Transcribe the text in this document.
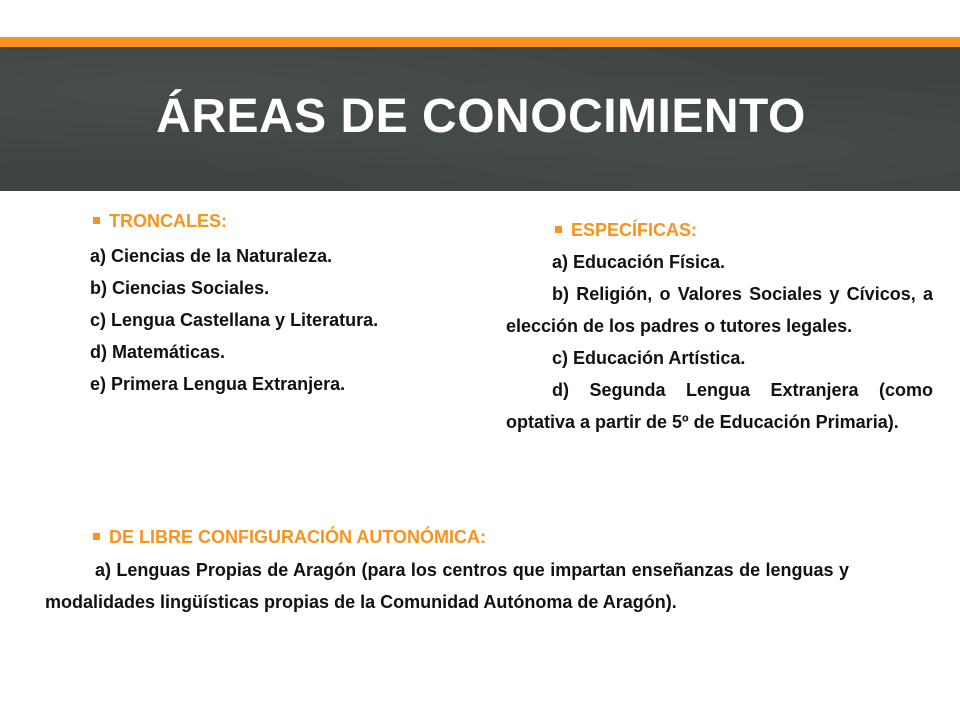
ÁREAS DE CONOCIMIENTO
TRONCALES:
a) Ciencias de la Naturaleza.
b) Ciencias Sociales.
c) Lengua Castellana y Literatura.
d) Matemáticas.
e) Primera Lengua Extranjera.
ESPECÍFICAS:

a) Educación Física.

b) Religión, o Valores Sociales y Cívicos, a elección de los padres o tutores legales.

c) Educación Artística.

d) Segunda Lengua Extranjera (como optativa a partir de 5º de Educación Primaria).

DE LIBRE CONFIGURACIÓN AUTONÓMICA:

a) Lenguas Propias de Aragón (para los centros que impartan enseñanzas de lenguas y modalidades lingüísticas propias de la Comunidad Autónoma de Aragón).
